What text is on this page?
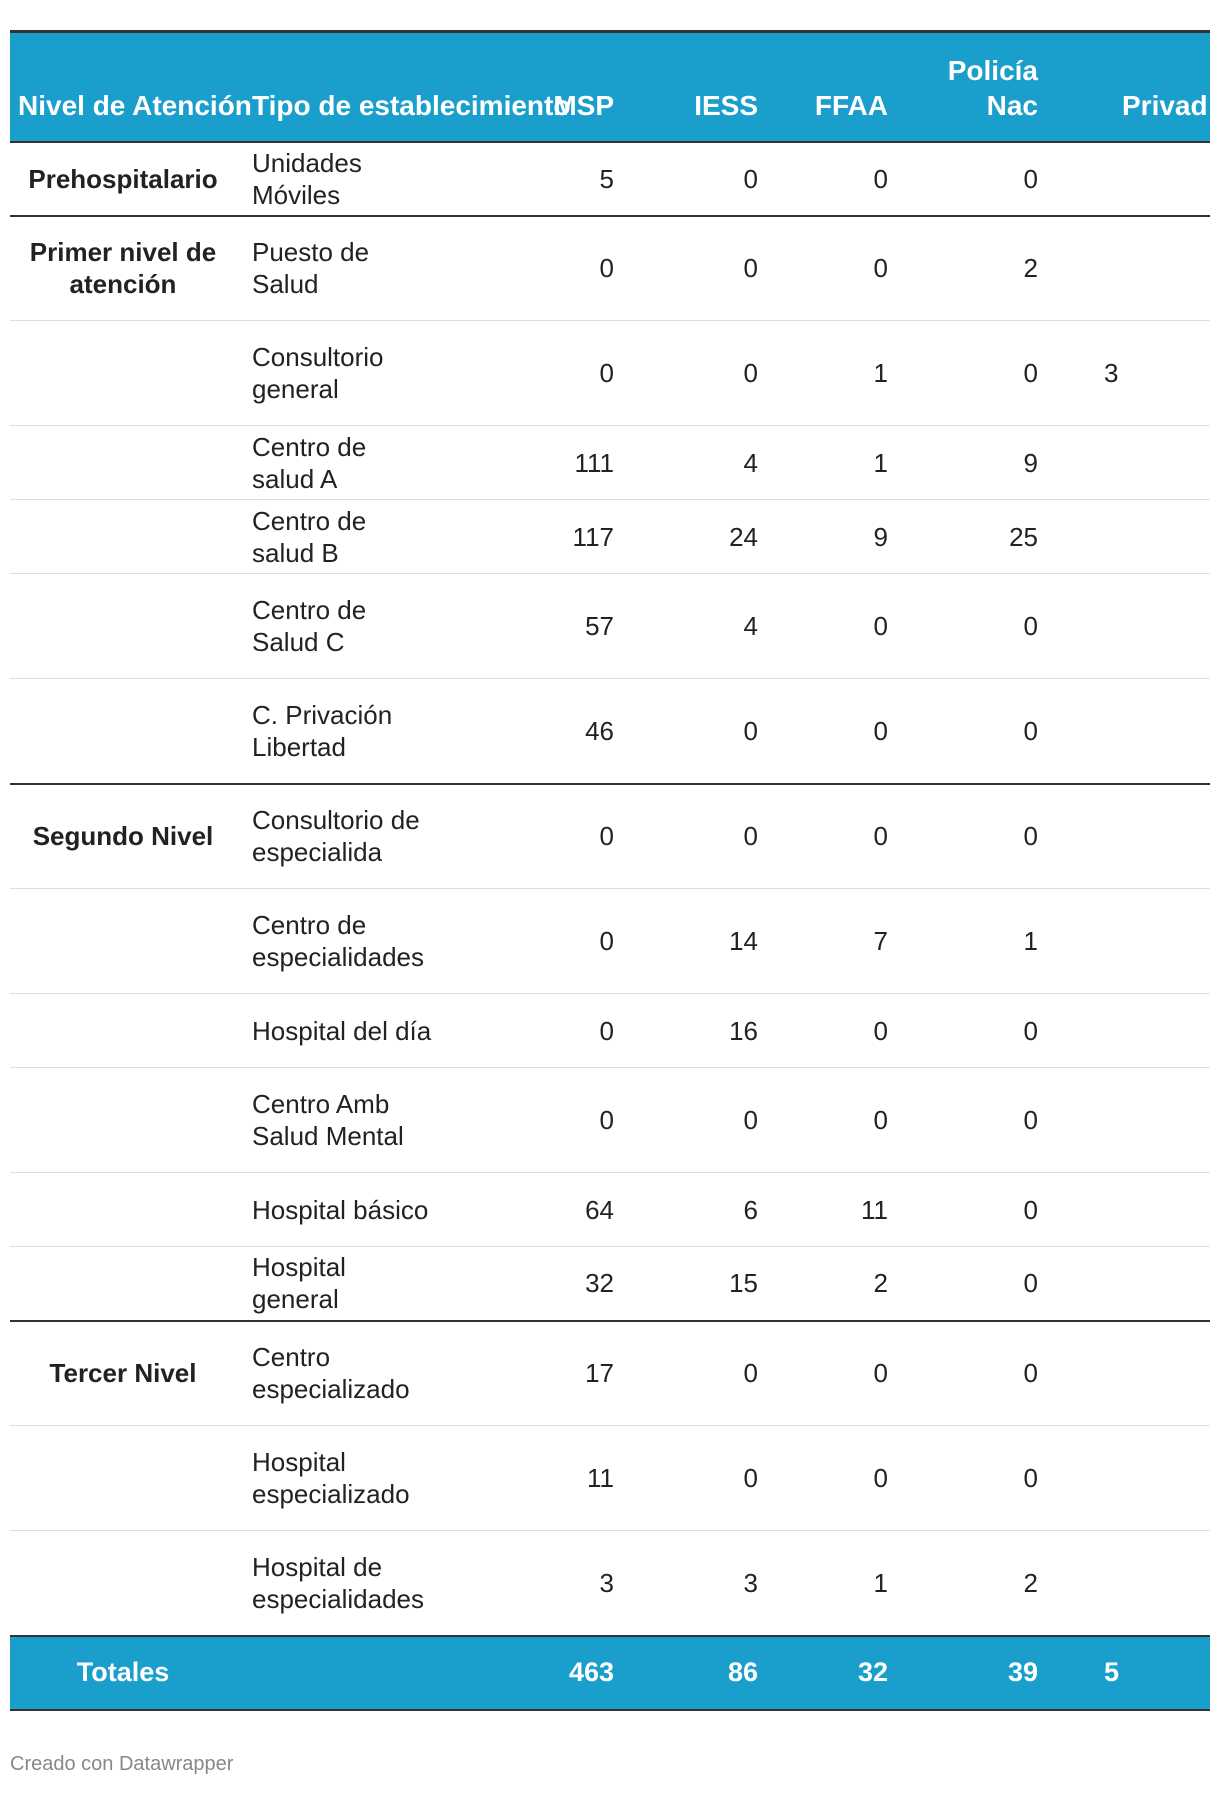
Nivel de Atención	Tipo de establecimiento	MSP	IESS	FFAA	Policía Nac	Privad
Prehospitalario	Unidades Móviles	5	0	0	0	
Primer nivel de atención	Puesto de Salud	0	0	0	2	
	Consultorio general	0	0	1	0	3
	Centro de salud A	111	4	1	9	
	Centro de salud B	117	24	9	25	
	Centro de Salud C	57	4	0	0	
	C. Privación Libertad	46	0	0	0	
Segundo Nivel	Consultorio de especialida	0	0	0	0	
	Centro de especialidades	0	14	7	1	
	Hospital del día	0	16	0	0	
	Centro Amb Salud Mental	0	0	0	0	
	Hospital básico	64	6	11	0	
	Hospital general	32	15	2	0	
Tercer Nivel	Centro especializado	17	0	0	0	
	Hospital especializado	11	0	0	0	
	Hospital de especialidades	3	3	1	2	
Totales		463	86	32	39	5
Creado con Datawrapper
